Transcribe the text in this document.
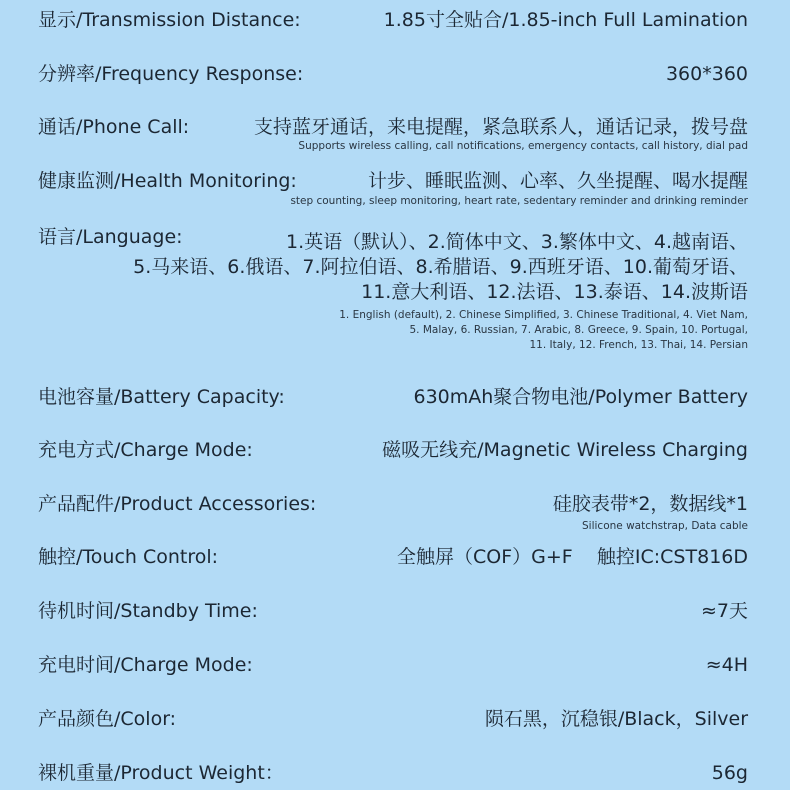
显示/Transmission Distance:	1.85寸全贴合/1.85-inch Full Lamination
分辨率/Frequency Response:	360*360
通话/Phone Call:	支持蓝牙通话，来电提醒，紧急联系人，通话记录，拨号盘
Supports wireless calling, call notifications, emergency contacts, call history, dial pad
健康监测/Health Monitoring:	计步、睡眠监测、心率、久坐提醒、喝水提醒
step counting, sleep monitoring, heart rate, sedentary reminder and drinking reminder
语言/Language:	1.英语（默认）、2.简体中文、3.繁体中文、4.越南语、
5.马来语、6.俄语、7.阿拉伯语、8.希腊语、9.西班牙语、10.葡萄牙语、
11.意大利语、12.法语、13.泰语、14.波斯语
1. English (default), 2. Chinese Simplified, 3. Chinese Traditional, 4. Viet Nam,
5. Malay, 6. Russian, 7. Arabic, 8. Greece, 9. Spain, 10. Portugal,
11. Italy, 12. French, 13. Thai, 14. Persian
电池容量/Battery Capacity:	630mAh聚合物电池/Polymer Battery
充电方式/Charge Mode:	磁吸无线充/Magnetic Wireless Charging
产品配件/Product Accessories:	硅胶表带*2，数据线*1
Silicone watchstrap, Data cable
触控/Touch Control:	全触屏（COF）G+F    触控IC:CST816D
待机时间/Standby Time:	≈7天
充电时间/Charge Mode:	≈4H
产品颜色/Color:	陨石黑，沉稳银/Black，Silver
裸机重量/Product Weight：	56g
